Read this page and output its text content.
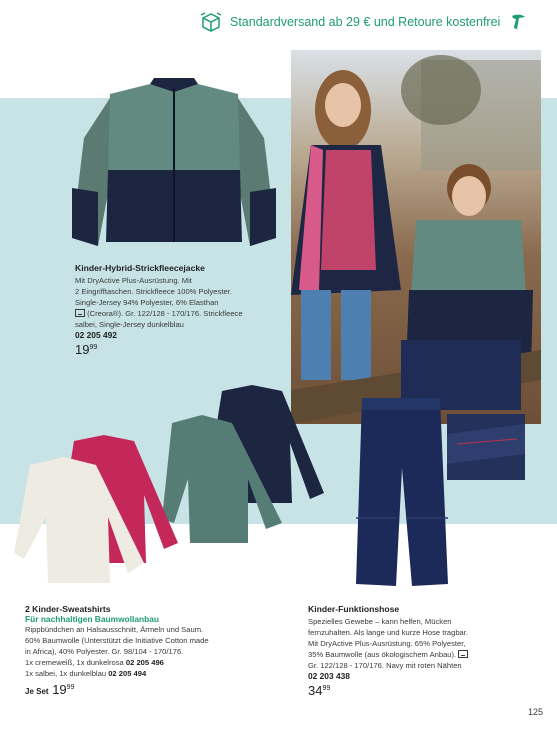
Standardversand ab 29 € und Retoure kostenfrei
Kinder-Hybrid-Strickfleecejacke
Mit DryActive Plus-Ausrüstung. Mit
2 Eingrifftaschen. Strickfleece 100% Polyester.
Single-Jersey 94% Polyester, 6% Elasthan
(Creora®). Gr. 122/128 - 170/176. Strickfleece
salbei, Single-Jersey dunkelblau
02 205 492
$19^{99}$
2 Kinder-Sweatshirts
Für nachhaltigen Baumwollanbau
Rippbündchen an Halsausschnitt, Ärmeln und Saum.
60% Baumwolle (Unterstützt die Initiative Cotton made
in Africa), 40% Polyester. Gr. 98/104 - 170/176.
1x cremeweiß, 1x dunkelrosa 02 205 496
1x salbei, 1x dunkelblau 02 205 494
Je Set $19^{99}$
Kinder-Funktionshose
Spezielles Gewebe – kann helfen, Mücken
fernzuhalten. Als lange und kurze Hose tragbar.
Mit DryActive Plus-Ausrüstung. 65% Polyester,
35% Baumwolle (aus ökologischem Anbau).
Gr. 122/128 - 170/176. Navy mit roten Nähten
02 203 438
$34^{99}$
125
